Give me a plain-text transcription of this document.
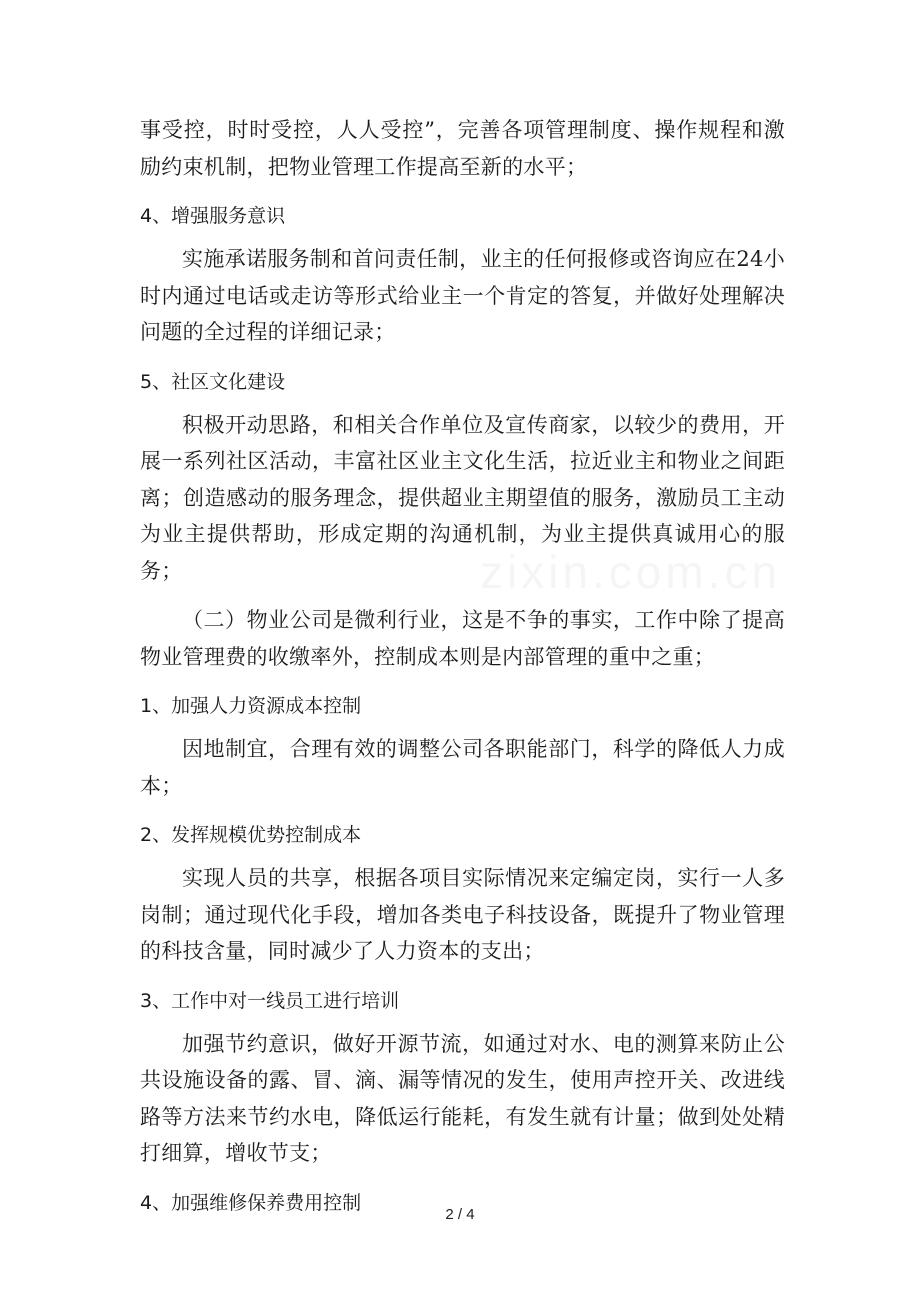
事受控，时时受控，人人受控”，完善各项管理制度、操作规程和激励约束机制，把物业管理工作提高至新的水平；

4、增强服务意识

实施承诺服务制和首问责任制，业主的任何报修或咨询应在24小时内通过电话或走访等形式给业主一个肯定的答复，并做好处理解决问题的全过程的详细记录；

5、社区文化建设

积极开动思路，和相关合作单位及宣传商家，以较少的费用，开展一系列社区活动，丰富社区业主文化生活，拉近业主和物业之间距离；创造感动的服务理念，提供超业主期望值的服务，激励员工主动为业主提供帮助，形成定期的沟通机制，为业主提供真诚用心的服务；

（二）物业公司是微利行业，这是不争的事实，工作中除了提高物业管理费的收缴率外，控制成本则是内部管理的重中之重；

1、加强人力资源成本控制

因地制宜，合理有效的调整公司各职能部门，科学的降低人力成本；

2、发挥规模优势控制成本

实现人员的共享，根据各项目实际情况来定编定岗，实行一人多岗制；通过现代化手段，增加各类电子科技设备，既提升了物业管理的科技含量，同时减少了人力资本的支出；

3、工作中对一线员工进行培训

加强节约意识，做好开源节流，如通过对水、电的测算来防止公共设施设备的露、冒、滴、漏等情况的发生，使用声控开关、改进线路等方法来节约水电，降低运行能耗，有发生就有计量；做到处处精打细算，增收节支；

4、加强维修保养费用控制
zixin.com.cn
2 / 4
